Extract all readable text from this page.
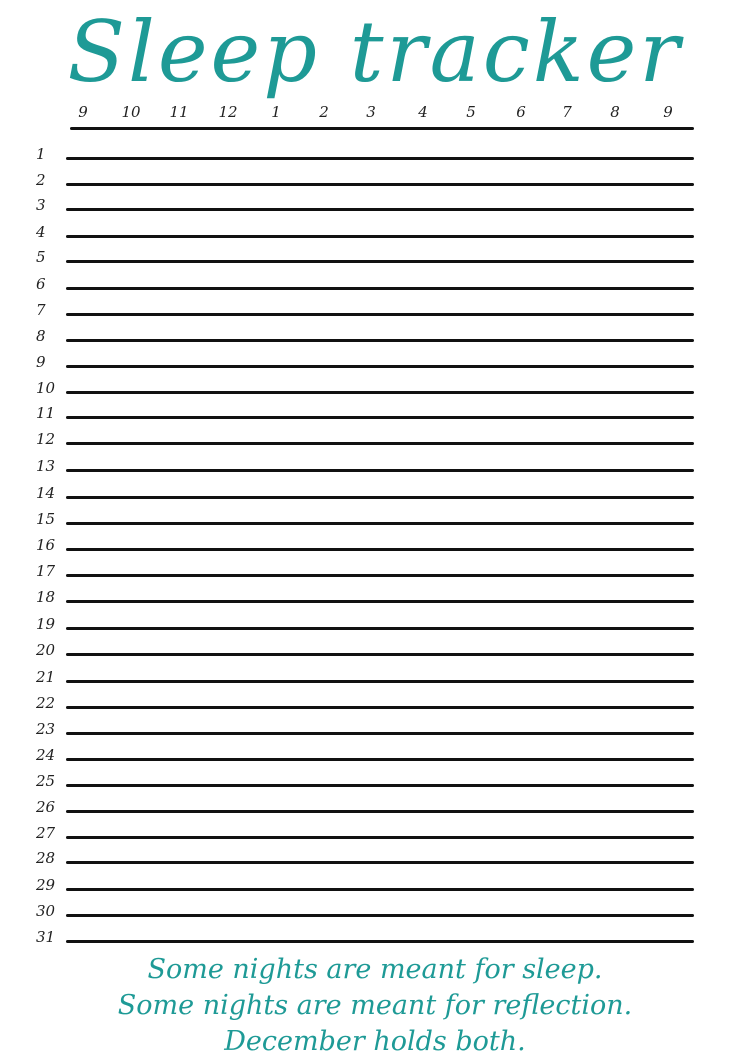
Sleep tracker
9	10	11	12	1	2	3	4	5	6	7	8	9
1
2
3
4
5
6
7
8
9
10
11
12
13
14
15
16
17
18
19
20
21
22
23
24
25
26
27
28
29
30
31
Some nights are meant for sleep.
Some nights are meant for reflection.
December holds both.
